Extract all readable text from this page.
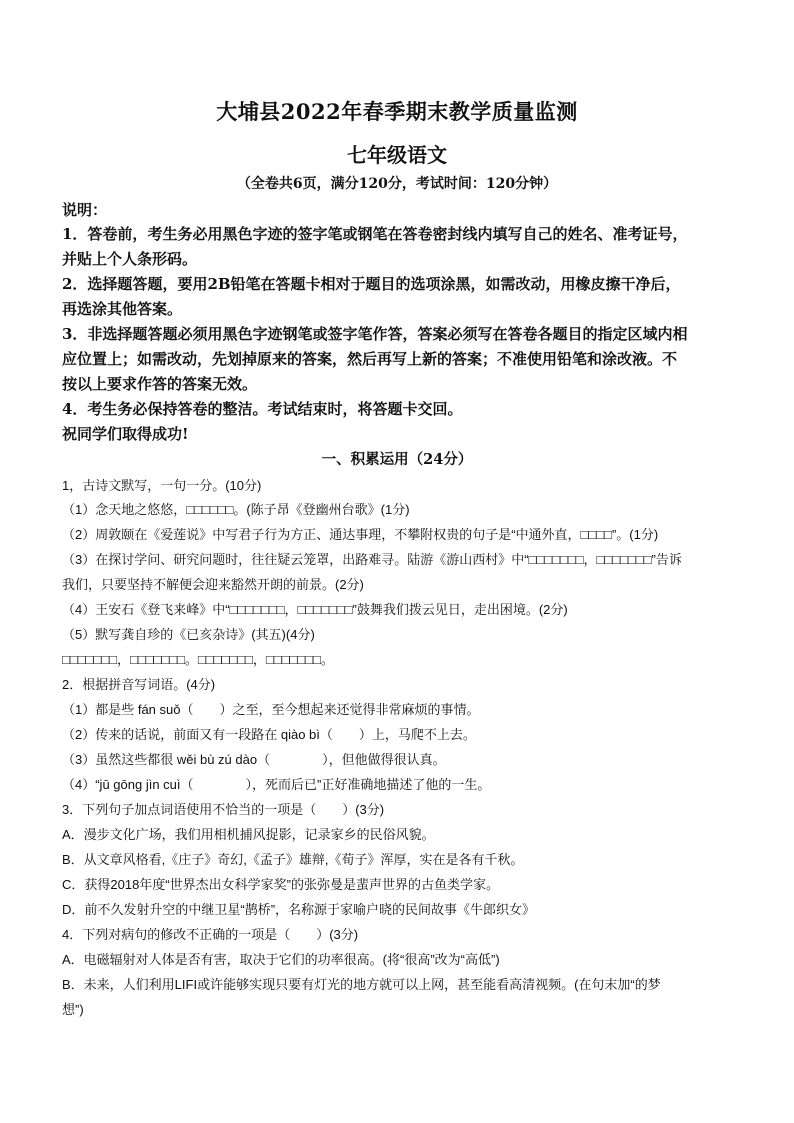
大埔县2022年春季期末教学质量监测
七年级语文
（全卷共6页，满分120分，考试时间：120分钟）
说明：
1．答卷前，考生务必用黑色字迹的签字笔或钢笔在答卷密封线内填写自己的姓名、准考证号，
并贴上个人条形码。
2．选择题答题，要用2B铅笔在答题卡相对于题目的选项涂黑，如需改动，用橡皮擦干净后，
再选涂其他答案。
3．非选择题答题必须用黑色字迹钢笔或签字笔作答，答案必须写在答卷各题目的指定区域内相
应位置上；如需改动，先划掉原来的答案，然后再写上新的答案；不准使用铅笔和涂改液。不
按以上要求作答的答案无效。
4．考生务必保持答卷的整洁。考试结束时，将答题卡交回。
祝同学们取得成功!
一、积累运用（24分）
1，古诗文默写，一句一分。(10分)
（1）念天地之悠悠，□□□□□□。(陈子昂《登幽州台歌》(1分)
（2）周敦颐在《爱莲说》中写君子行为方正、通达事理，不攀附权贵的句子是“中通外直，□□□□”。(1分)
（3）在探讨学问、研究问题时，往往疑云笼罩，出路难寻。陆游《游山西村》中“□□□□□□□，□□□□□□□”告诉
我们，只要坚持不解便会迎来豁然开朗的前景。(2分)
（4）王安石《登飞来峰》中“□□□□□□□，□□□□□□□”鼓舞我们拨云见日，走出困境。(2分)
（5）默写龚自珍的《已亥杂诗》(其五)(4分)
□□□□□□□，□□□□□□□。□□□□□□□，□□□□□□□。
2．根据拼音写词语。(4分)
（1）都是些 fán suǒ（　　）之至，至今想起来还觉得非常麻烦的事情。
（2）传来的话说，前面又有一段路在 qiào bì（　　）上，马爬不上去。
（3）虽然这些都很 wěi bù zú dào（　　　　），但他做得很认真。
（4）“jū gōng jìn cuì（　　　　），死而后已”正好准确地描述了他的一生。
3．下列句子加点词语使用不恰当的一项是（　　）(3分)
A．漫步文化广场，我们用相机捕风捉影，记录家乡的民俗风貌。
B．从文章风格看,《庄子》奇幻,《孟子》雄辩,《荀子》浑厚，实在是各有千秋。
C．获得2018年度“世界杰出女科学家奖”的张弥曼是蜚声世界的古鱼类学家。
D．前不久发射升空的中继卫星“鹊桥”，名称源于家喻户晓的民间故事《牛郎织女》
4．下列对病句的修改不正确的一项是（　　）(3分)
A．电磁辐射对人体是否有害，取决于它们的功率很高。(将“很高”改为“高低”)
B．未来，人们利用LIFI或许能够实现只要有灯光的地方就可以上网，甚至能看高清视频。(在句末加“的梦
想”)
